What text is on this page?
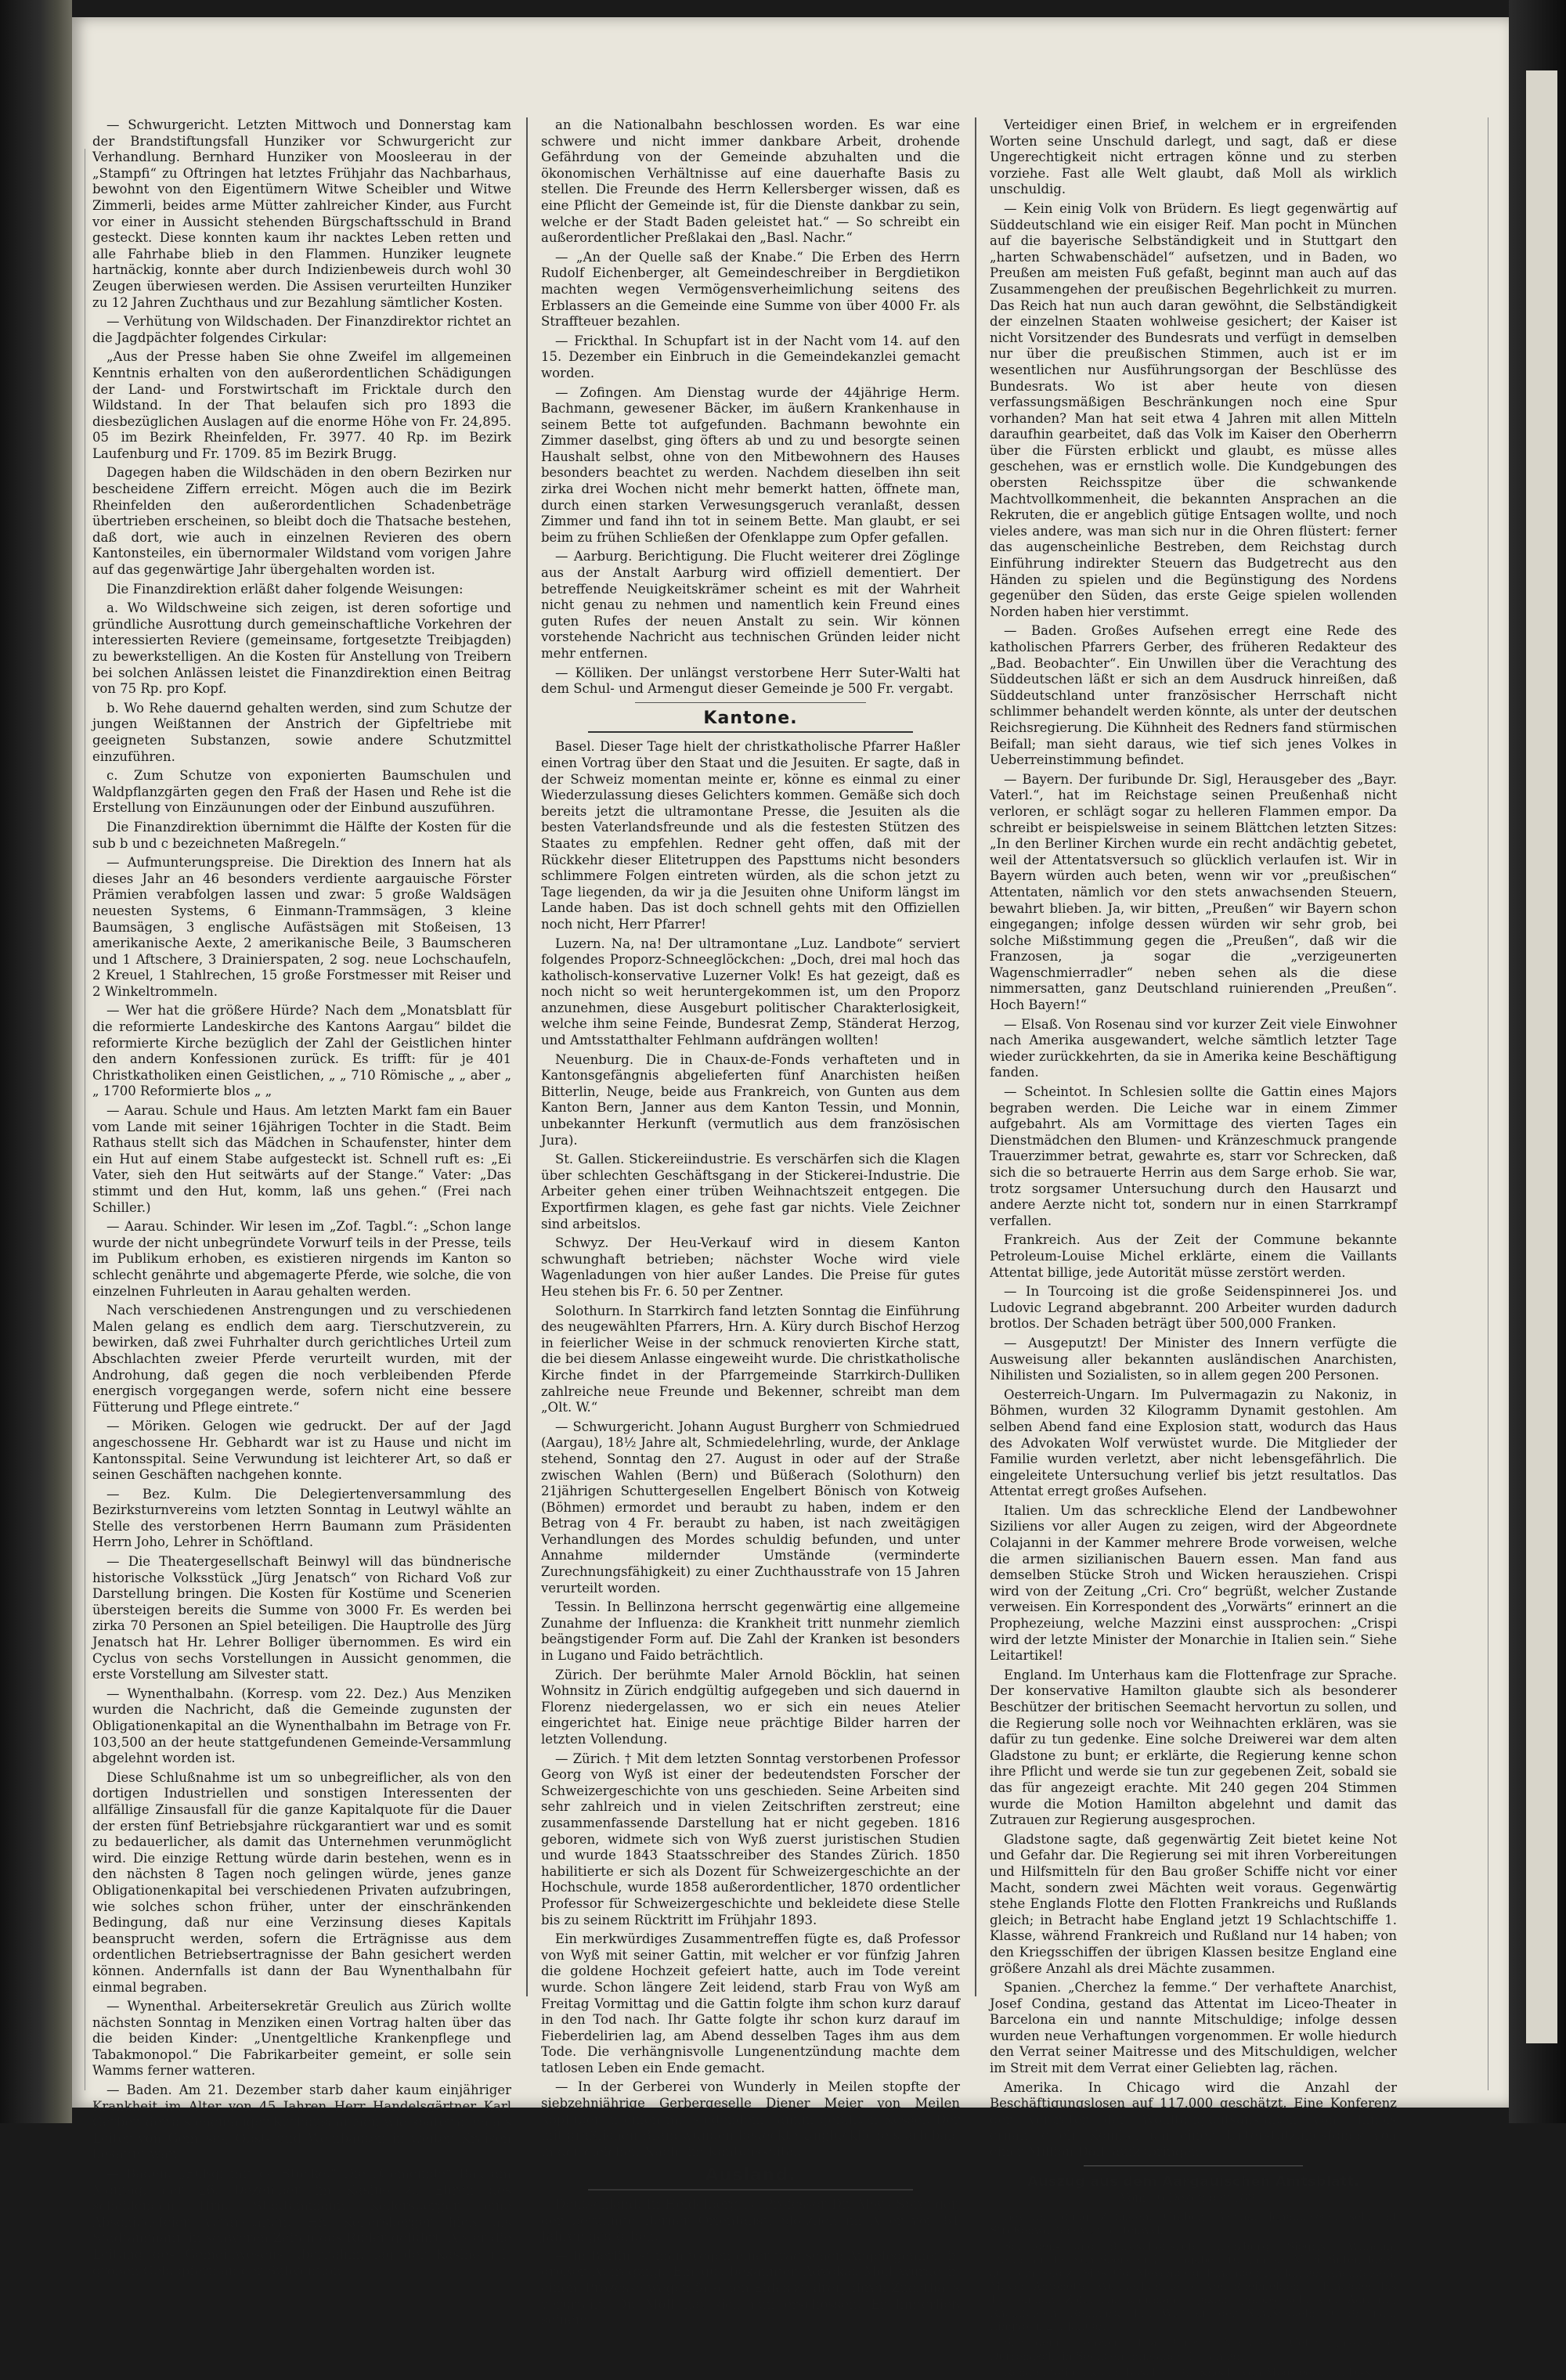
— Schwurgericht. Letzten Mittwoch und Donnerstag kam der Brandstiftungsfall Hunziker vor Schwurgericht zur Verhandlung. Bernhard Hunziker von Moosleerau in der „Stampfi“ zu Oftringen hat letztes Frühjahr das Nachbarhaus, bewohnt von den Eigentümern Witwe Scheibler und Witwe Zimmerli, beides arme Mütter zahlreicher Kinder, aus Furcht vor einer in Aussicht stehenden Bürgschaftsschuld in Brand gesteckt. Diese konnten kaum ihr nacktes Leben retten und alle Fahrhabe blieb in den Flammen. Hunziker leugnete hartnäckig, konnte aber durch Indizienbeweis durch wohl 30 Zeugen überwiesen werden. Die Assisen verurteilten Hunziker zu 12 Jahren Zuchthaus und zur Bezahlung sämtlicher Kosten.

— Verhütung von Wildschaden. Der Finanzdirektor richtet an die Jagdpächter folgendes Cirkular:

„Aus der Presse haben Sie ohne Zweifel im allgemeinen Kenntnis erhalten von den außerordentlichen Schädigungen der Land- und Forstwirtschaft im Fricktale durch den Wildstand. In der That belaufen sich pro 1893 die diesbezüglichen Auslagen auf die enorme Höhe von Fr. 24,895. 05 im Bezirk Rheinfelden, Fr. 3977. 40 Rp. im Bezirk Laufenburg und Fr. 1709. 85 im Bezirk Brugg.

Dagegen haben die Wildschäden in den obern Bezirken nur bescheidene Ziffern erreicht. Mögen auch die im Bezirk Rheinfelden den außerordentlichen Schadenbeträge übertrieben erscheinen, so bleibt doch die Thatsache bestehen, daß dort, wie auch in einzelnen Revieren des obern Kantonsteiles, ein übernormaler Wildstand vom vorigen Jahre auf das gegenwärtige Jahr übergehalten worden ist.

Die Finanzdirektion erläßt daher folgende Weisungen:

a. Wo Wildschweine sich zeigen, ist deren sofortige und gründliche Ausrottung durch gemeinschaftliche Vorkehren der interessierten Reviere (gemeinsame, fortgesetzte Treibjagden) zu bewerkstelligen. An die Kosten für Anstellung von Treibern bei solchen Anlässen leistet die Finanzdirektion einen Beitrag von 75 Rp. pro Kopf.

b. Wo Rehe dauernd gehalten werden, sind zum Schutze der jungen Weißtannen der Anstrich der Gipfeltriebe mit geeigneten Substanzen, sowie andere Schutzmittel einzuführen.

c. Zum Schutze von exponierten Baumschulen und Waldpflanzgärten gegen den Fraß der Hasen und Rehe ist die Erstellung von Einzäunungen oder der Einbund auszuführen.

Die Finanzdirektion übernimmt die Hälfte der Kosten für die sub b und c bezeichneten Maßregeln.“

— Aufmunterungspreise. Die Direktion des Innern hat als dieses Jahr an 46 besonders verdiente aargauische Förster Prämien verabfolgen lassen und zwar: 5 große Waldsägen neuesten Systems, 6 Einmann-Trammsägen, 3 kleine Baumsägen, 3 englische Aufästsägen mit Stoßeisen, 13 amerikanische Aexte, 2 amerikanische Beile, 3 Baumscheren und 1 Aftschere, 3 Drainierspaten, 2 sog. neue Lochschaufeln, 2 Kreuel, 1 Stahlrechen, 15 große Forstmesser mit Reiser und 2 Winkeltrommeln.

— Wer hat die größere Hürde? Nach dem „Monatsblatt für die reformierte Landeskirche des Kantons Aargau“ bildet die reformierte Kirche bezüglich der Zahl der Geistlichen hinter den andern Konfessionen zurück. Es trifft: für je 401 Christkatholiken einen Geistlichen, „ „ 710 Römische „ „ aber „ „ 1700 Reformierte blos „ „

— Aarau. Schule und Haus. Am letzten Markt fam ein Bauer vom Lande mit seiner 16jährigen Tochter in die Stadt. Beim Rathaus stellt sich das Mädchen in Schaufenster, hinter dem ein Hut auf einem Stabe aufgesteckt ist. Schnell ruft es: „Ei Vater, sieh den Hut seitwärts auf der Stange.“ Vater: „Das stimmt und den Hut, komm, laß uns gehen.“ (Frei nach Schiller.)

— Aarau. Schinder. Wir lesen im „Zof. Tagbl.“: „Schon lange wurde der nicht unbegründete Vorwurf teils in der Presse, teils im Publikum erhoben, es existieren nirgends im Kanton so schlecht genährte und abgemagerte Pferde, wie solche, die von einzelnen Fuhrleuten in Aarau gehalten werden.

Nach verschiedenen Anstrengungen und zu verschiedenen Malen gelang es endlich dem aarg. Tierschutzverein, zu bewirken, daß zwei Fuhrhalter durch gerichtliches Urteil zum Abschlachten zweier Pferde verurteilt wurden, mit der Androhung, daß gegen die noch verbleibenden Pferde energisch vorgegangen werde, sofern nicht eine bessere Fütterung und Pflege eintrete.“

— Möriken. Gelogen wie gedruckt. Der auf der Jagd angeschossene Hr. Gebhardt war ist zu Hause und nicht im Kantonsspital. Seine Verwundung ist leichterer Art, so daß er seinen Geschäften nachgehen konnte.

— Bez. Kulm. Die Delegiertenversammlung des Bezirksturnvereins vom letzten Sonntag in Leutwyl wählte an Stelle des verstorbenen Herrn Baumann zum Präsidenten Herrn Joho, Lehrer in Schöftland.

— Die Theatergesellschaft Beinwyl will das bündnerische historische Volksstück „Jürg Jenatsch“ von Richard Voß zur Darstellung bringen. Die Kosten für Kostüme und Scenerien übersteigen bereits die Summe von 3000 Fr. Es werden bei zirka 70 Personen an Spiel beteiligen. Die Hauptrolle des Jürg Jenatsch hat Hr. Lehrer Bolliger übernommen. Es wird ein Cyclus von sechs Vorstellungen in Aussicht genommen, die erste Vorstellung am Silvester statt.

— Wynenthalbahn. (Korresp. vom 22. Dez.) Aus Menziken wurden die Nachricht, daß die Gemeinde zugunsten der Obligationenkapital an die Wynenthalbahn im Betrage von Fr. 103,500 an der heute stattgefundenen Gemeinde-Versammlung abgelehnt worden ist.

Diese Schlußnahme ist um so unbegreiflicher, als von den dortigen Industriellen und sonstigen Interessenten der allfällige Zinsausfall für die ganze Kapitalquote für die Dauer der ersten fünf Betriebsjahre rückgarantiert war und es somit zu bedauerlicher, als damit das Unternehmen verunmöglicht wird. Die einzige Rettung würde darin bestehen, wenn es in den nächsten 8 Tagen noch gelingen würde, jenes ganze Obligationenkapital bei verschiedenen Privaten aufzubringen, wie solches schon früher, unter der einschränkenden Bedingung, daß nur eine Verzinsung dieses Kapitals beansprucht werden, sofern die Erträgnisse aus dem ordentlichen Betriebsertragnisse der Bahn gesichert werden können. Andernfalls ist dann der Bau Wynenthalbahn für einmal begraben.

— Wynenthal. Arbeitersekretär Greulich aus Zürich wollte nächsten Sonntag in Menziken einen Vortrag halten über das die beiden Kinder: „Unentgeltliche Krankenpflege und Tabakmonopol.“ Die Fabrikarbeiter gemeint, er solle sein Wamms ferner watteren.

— Baden. Am 21. Dezember starb daher kaum einjähriger Krankheit im Alter von 45 Jahren Herr Handelsgärtner Karl Gerber, der als ehemaliger Kurhausgärtner, wie später auch als Leiter von Gemüse-, Obst- und Weinbauten in weiten Kreisen bekannt war.

— Baden. „Füßgi mit de Stöcke.“ Die „Gemeinde“ Bau am Montag, der 26. Dezember im Kasino zu Ehren des scheidenden Hrn. Stadtammann Kellersberger eine Abschiedsfeier veranstalten. Hr. Kellersberger hieß als Stadtammann in schweren Zeiten das Ruder geführt. Als er die Leitung des Gemeinwesens übernahm, lag der Kasino mit großen Geldopfern an der Subvention

an die Nationalbahn beschlossen worden. Es war eine schwere und nicht immer dankbare Arbeit, drohende Gefährdung von der Gemeinde abzuhalten und die ökonomischen Verhältnisse auf eine dauerhafte Basis zu stellen. Die Freunde des Herrn Kellersberger wissen, daß es eine Pflicht der Gemeinde ist, für die Dienste dankbar zu sein, welche er der Stadt Baden geleistet hat.“ — So schreibt ein außerordentlicher Preßlakai den „Basl. Nachr.“

— „An der Quelle saß der Knabe.“ Die Erben des Herrn Rudolf Eichenberger, alt Gemeindeschreiber in Bergdietikon machten wegen Vermögensverheimlichung seitens des Erblassers an die Gemeinde eine Summe von über 4000 Fr. als Straffteuer bezahlen.

— Frickthal. In Schupfart ist in der Nacht vom 14. auf den 15. Dezember ein Einbruch in die Gemeindekanzlei gemacht worden.

— Zofingen. Am Dienstag wurde der 44jährige Herm. Bachmann, gewesener Bäcker, im äußern Krankenhause in seinem Bette tot aufgefunden. Bachmann bewohnte ein Zimmer daselbst, ging öfters ab und zu und besorgte seinen Haushalt selbst, ohne von den Mitbewohnern des Hauses besonders beachtet zu werden. Nachdem dieselben ihn seit zirka drei Wochen nicht mehr bemerkt hatten, öffnete man, durch einen starken Verwesungsgeruch veranlaßt, dessen Zimmer und fand ihn tot in seinem Bette. Man glaubt, er sei beim zu frühen Schließen der Ofenklappe zum Opfer gefallen.

— Aarburg. Berichtigung. Die Flucht weiterer drei Zöglinge aus der Anstalt Aarburg wird offiziell dementiert. Der betreffende Neuigkeitskrämer scheint es mit der Wahrheit nicht genau zu nehmen und namentlich kein Freund eines guten Rufes der neuen Anstalt zu sein. Wir können vorstehende Nachricht aus technischen Gründen leider nicht mehr entfernen.

— Kölliken. Der unlängst verstorbene Herr Suter-Walti hat dem Schul- und Armengut dieser Gemeinde je 500 Fr. vergabt.

Kantone.

Basel. Dieser Tage hielt der christkatholische Pfarrer Haßler einen Vortrag über den Staat und die Jesuiten. Er sagte, daß in der Schweiz momentan meinte er, könne es einmal zu einer Wiederzulassung dieses Gelichters kommen. Gemäße sich doch bereits jetzt die ultramontane Presse, die Jesuiten als die besten Vaterlandsfreunde und als die festesten Stützen des Staates zu empfehlen. Redner geht offen, daß mit der Rückkehr dieser Elitetruppen des Papsttums nicht besonders schlimmere Folgen eintreten würden, als die schon jetzt zu Tage liegenden, da wir ja die Jesuiten ohne Uniform längst im Lande haben. Das ist doch schnell gehts mit den Offiziellen noch nicht, Herr Pfarrer!

Luzern. Na, na! Der ultramontane „Luz. Landbote“ serviert folgendes Proporz-Schneeglöckchen: „Doch, drei mal hoch das katholisch-konservative Luzerner Volk! Es hat gezeigt, daß es noch nicht so weit heruntergekommen ist, um den Proporz anzunehmen, diese Ausgeburt politischer Charakterlosigkeit, welche ihm seine Feinde, Bundesrat Zemp, Ständerat Herzog, und Amtsstatthalter Fehlmann aufdrängen wollten!

Neuenburg. Die in Chaux-de-Fonds verhafteten und in Kantonsgefängnis abgelieferten fünf Anarchisten heißen Bitterlin, Neuge, beide aus Frankreich, von Gunten aus dem Kanton Bern, Janner aus dem Kanton Tessin, und Monnin, unbekannter Herkunft (vermutlich aus dem französischen Jura).

St. Gallen. Stickereiindustrie. Es verschärfen sich die Klagen über schlechten Geschäftsgang in der Stickerei-Industrie. Die Arbeiter gehen einer trüben Weihnachtszeit entgegen. Die Exportfirmen klagen, es gehe fast gar nichts. Viele Zeichner sind arbeitslos.

Schwyz. Der Heu-Verkauf wird in diesem Kanton schwunghaft betrieben; nächster Woche wird viele Wagenladungen von hier außer Landes. Die Preise für gutes Heu stehen bis Fr. 6. 50 per Zentner.

Solothurn. In Starrkirch fand letzten Sonntag die Einführung des neugewählten Pfarrers, Hrn. A. Küry durch Bischof Herzog in feierlicher Weise in der schmuck renovierten Kirche statt, die bei diesem Anlasse eingeweiht wurde. Die christkatholische Kirche findet in der Pfarrgemeinde Starrkirch-Dulliken zahlreiche neue Freunde und Bekenner, schreibt man dem „Olt. W.“

— Schwurgericht. Johann August Burgherr von Schmiedrued (Aargau), 18½ Jahre alt, Schmiedelehrling, wurde, der Anklage stehend, Sonntag den 27. August in oder auf der Straße zwischen Wahlen (Bern) und Büßerach (Solothurn) den 21jährigen Schuttergesellen Engelbert Bönisch von Kotweig (Böhmen) ermordet und beraubt zu haben, indem er den Betrag von 4 Fr. beraubt zu haben, ist nach zweitägigen Verhandlungen des Mordes schuldig befunden, und unter Annahme mildernder Umstände (verminderte Zurechnungsfähigkeit) zu einer Zuchthausstrafe von 15 Jahren verurteilt worden.

Tessin. In Bellinzona herrscht gegenwärtig eine allgemeine Zunahme der Influenza: die Krankheit tritt nunmehr ziemlich beängstigender Form auf. Die Zahl der Kranken ist besonders in Lugano und Faido beträchtlich.

Zürich. Der berühmte Maler Arnold Böcklin, hat seinen Wohnsitz in Zürich endgültig aufgegeben und sich dauernd in Florenz niedergelassen, wo er sich ein neues Atelier eingerichtet hat. Einige neue prächtige Bilder harren der letzten Vollendung.

— Zürich. † Mit dem letzten Sonntag verstorbenen Professor Georg von Wyß ist einer der bedeutendsten Forscher der Schweizergeschichte von uns geschieden. Seine Arbeiten sind sehr zahlreich und in vielen Zeitschriften zerstreut; eine zusammenfassende Darstellung hat er nicht gegeben. 1816 geboren, widmete sich von Wyß zuerst juristischen Studien und wurde 1843 Staatsschreiber des Standes Zürich. 1850 habilitierte er sich als Dozent für Schweizergeschichte an der Hochschule, wurde 1858 außerordentlicher, 1870 ordentlicher Professor für Schweizergeschichte und bekleidete diese Stelle bis zu seinem Rücktritt im Frühjahr 1893.

Ein merkwürdiges Zusammentreffen fügte es, daß Professor von Wyß mit seiner Gattin, mit welcher er vor fünfzig Jahren die goldene Hochzeit gefeiert hatte, auch im Tode vereint wurde. Schon längere Zeit leidend, starb Frau von Wyß am Freitag Vormittag und die Gattin folgte ihm schon kurz darauf in den Tod nach. Ihr Gatte folgte ihr schon kurz darauf im Fieberdelirien lag, am Abend desselben Tages ihm aus dem Tode. Die verhängnisvolle Lungenentzündung machte dem tatlosen Leben ein Ende gemacht.

— In der Gerberei von Wunderly in Meilen stopfte der siebzehnjährige Gerbergeselle Diener Meier von Meilen kopfüber in einen mit siedendem Tannin gefüllten Kessel. Der mit gräßlichen Brandwunden bedeckte Unglückliche starb bald in der gleichen Nacht im Kantonsspital.

Ausland.

Deutschland. In Heidelberg ist Professor Dr. Aloys Sprenger, der berühmte Berner Orientalist, plötzlich im Alter von 81 Jahren gestorben.

— In Berlin ist man wegen einer tragischen Angelegenheit in großer Aufregung. Ein gut bekannter Advokat Moll wurde in einem Prozesse wegen falschen Eides zu drei Jahren Zuchthaus verurteilt. Dr. Moll hat sich nun erschossen. Er hinterließ seinem

Verteidiger einen Brief, in welchem er in ergreifenden Worten seine Unschuld darlegt, und sagt, daß er diese Ungerechtigkeit nicht ertragen könne und zu sterben vorziehe. Fast alle Welt glaubt, daß Moll als wirklich unschuldig.

— Kein einig Volk von Brüdern. Es liegt gegenwärtig auf Süddeutschland wie ein eisiger Reif. Man pocht in München auf die bayerische Selbständigkeit und in Stuttgart den „harten Schwabenschädel“ aufsetzen, und in Baden, wo Preußen am meisten Fuß gefaßt, beginnt man auch auf das Zusammengehen der preußischen Begehrlichkeit zu murren. Das Reich hat nun auch daran gewöhnt, die Selbständigkeit der einzelnen Staaten wohlweise gesichert; der Kaiser ist nicht Vorsitzender des Bundesrats und verfügt in demselben nur über die preußischen Stimmen, auch ist er im wesentlichen nur Ausführungsorgan der Beschlüsse des Bundesrats. Wo ist aber heute von diesen verfassungsmäßigen Beschränkungen noch eine Spur vorhanden? Man hat seit etwa 4 Jahren mit allen Mitteln daraufhin gearbeitet, daß das Volk im Kaiser den Oberherrn über die Fürsten erblickt und glaubt, es müsse alles geschehen, was er ernstlich wolle. Die Kundgebungen des obersten Reichsspitze über die schwankende Machtvollkommenheit, die bekannten Ansprachen an die Rekruten, die er angeblich gütige Entsagen wollte, und noch vieles andere, was man sich nur in die Ohren flüstert: ferner das augenscheinliche Bestreben, dem Reichstag durch Einführung indirekter Steuern das Budgetrecht aus den Händen zu spielen und die Begünstigung des Nordens gegenüber den Süden, das erste Geige spielen wollenden Norden haben hier verstimmt.

— Baden. Großes Aufsehen erregt eine Rede des katholischen Pfarrers Gerber, des früheren Redakteur des „Bad. Beobachter“. Ein Unwillen über die Verachtung des Süddeutschen läßt er sich an dem Ausdruck hinreißen, daß Süddeutschland unter französischer Herrschaft nicht schlimmer behandelt werden könnte, als unter der deutschen Reichsregierung. Die Kühnheit des Redners fand stürmischen Beifall; man sieht daraus, wie tief sich jenes Volkes in Ueberreinstimmung befindet.

— Bayern. Der furibunde Dr. Sigl, Herausgeber des „Bayr. Vaterl.“, hat im Reichstage seinen Preußenhaß nicht verloren, er schlägt sogar zu helleren Flammen empor. Da schreibt er beispielsweise in seinem Blättchen letzten Sitzes: „In den Berliner Kirchen wurde ein recht andächtig gebetet, weil der Attentatsversuch so glücklich verlaufen ist. Wir in Bayern würden auch beten, wenn wir vor „preußischen“ Attentaten, nämlich vor den stets anwachsenden Steuern, bewahrt blieben. Ja, wir bitten, „Preußen“ wir Bayern schon eingegangen; infolge dessen würden wir sehr grob, bei solche Mißstimmung gegen die „Preußen“, daß wir die Franzosen, ja sogar die „verzigeunerten Wagenschmierradler“ neben sehen als die diese nimmersatten, ganz Deutschland ruinierenden „Preußen“. Hoch Bayern!“

— Elsaß. Von Rosenau sind vor kurzer Zeit viele Einwohner nach Amerika ausgewandert, welche sämtlich letzter Tage wieder zurückkehrten, da sie in Amerika keine Beschäftigung fanden.

— Scheintot. In Schlesien sollte die Gattin eines Majors begraben werden. Die Leiche war in einem Zimmer aufgebahrt. Als am Vormittage des vierten Tages ein Dienstmädchen den Blumen- und Kränzeschmuck prangende Trauerzimmer betrat, gewahrte es, starr vor Schrecken, daß sich die so betrauerte Herrin aus dem Sarge erhob. Sie war, trotz sorgsamer Untersuchung durch den Hausarzt und andere Aerzte nicht tot, sondern nur in einen Starrkrampf verfallen.

Frankreich. Aus der Zeit der Commune bekannte Petroleum-Louise Michel erklärte, einem die Vaillants Attentat billige, jede Autorität müsse zerstört werden.

— In Tourcoing ist die große Seidenspinnerei Jos. und Ludovic Legrand abgebrannt. 200 Arbeiter wurden dadurch brotlos. Der Schaden beträgt über 500,000 Franken.

— Ausgeputzt! Der Minister des Innern verfügte die Ausweisung aller bekannten ausländischen Anarchisten, Nihilisten und Sozialisten, so in allem gegen 200 Personen.

Oesterreich-Ungarn. Im Pulvermagazin zu Nakoniz, in Böhmen, wurden 32 Kilogramm Dynamit gestohlen. Am selben Abend fand eine Explosion statt, wodurch das Haus des Advokaten Wolf verwüstet wurde. Die Mitglieder der Familie wurden verletzt, aber nicht lebensgefährlich. Die eingeleitete Untersuchung verlief bis jetzt resultatlos. Das Attentat erregt großes Aufsehen.

Italien. Um das schreckliche Elend der Landbewohner Siziliens vor aller Augen zu zeigen, wird der Abgeordnete Colajanni in der Kammer mehrere Brode vorweisen, welche die armen sizilianischen Bauern essen. Man fand aus demselben Stücke Stroh und Wicken herausziehen. Crispi wird von der Zeitung „Cri. Cro“ begrüßt, welcher Zustande verweisen. Ein Korrespondent des „Vorwärts“ erinnert an die Prophezeiung, welche Mazzini einst aussprochen: „Crispi wird der letzte Minister der Monarchie in Italien sein.“ Siehe Leitartikel!

England. Im Unterhaus kam die Flottenfrage zur Sprache. Der konservative Hamilton glaubte sich als besonderer Beschützer der britischen Seemacht hervortun zu sollen, und die Regierung solle noch vor Weihnachten erklären, was sie dafür zu tun gedenke. Eine solche Dreiwerei war dem alten Gladstone zu bunt; er erklärte, die Regierung kenne schon ihre Pflicht und werde sie tun zur gegebenen Zeit, sobald sie das für angezeigt erachte. Mit 240 gegen 204 Stimmen wurde die Motion Hamilton abgelehnt und damit das Zutrauen zur Regierung ausgesprochen.

Gladstone sagte, daß gegenwärtig Zeit bietet keine Not und Gefahr dar. Die Regierung sei mit ihren Vorbereitungen und Hilfsmitteln für den Bau großer Schiffe nicht vor einer Macht, sondern zwei Mächten weit voraus. Gegenwärtig stehe Englands Flotte den Flotten Frankreichs und Rußlands gleich; in Betracht habe England jetzt 19 Schlachtschiffe 1. Klasse, während Frankreich und Rußland nur 14 haben; von den Kriegsschiffen der übrigen Klassen besitze England eine größere Anzahl als drei Mächte zusammen.

Spanien. „Cherchez la femme.“ Der verhaftete Anarchist, Josef Condina, gestand das Attentat im Liceo-Theater in Barcelona ein und nannte Mitschuldige; infolge dessen wurden neue Verhaftungen vorgenommen. Er wolle hiedurch den Verrat seiner Maitresse und des Mitschuldigen, welcher im Streit mit dem Verrat einer Geliebten lag, rächen.

Amerika. In Chicago wird die Anzahl der Beschäftigungslosen auf 117,000 geschätzt. Eine Konferenz der Vertreter der Wohltätigkeitsanstalten von Illinois ernannte ein Komite, um einen Unterstützungsfonds von einer Million Doll. aufzubringen.

Auszug aus dem Aargauischen Amtsblatt.
Vom 16 Dezember 1893.

Bevormundung Zofingen. Graber, Bertha, Johannessen sel., alt Straßenwärters von Bottenwyl.

Schulden- und Bürgschaftsrüfe. Lenzburg. Siegrist, Wilhelm, Pferdehändler von Seengen †. Eingaben 16. Januar. Muri. Suter, Josef, auf dem Feld zu Sins, Gd. Meyenberg. Eingaben 17. Januar. Rheinfelden. Meyer, Antonette, Wunderlich, ledig, von Rheinfelden †. Eingaben bis 15. Januar. Zofingen. Kaufmann, Jakob, Jakobs sel., von Aarburg, Rheinfelden, Reinhard, Fr., Wirt an der Straßhaueln zu Brittnau. Eingaben 27. Januar.

Schuldenruf Lenzburg. Frau Bertschi, Maria geb. Gehrig, Jakobs von Dürrenäsch, in Seengen, Eingaben 16 Januar.

Rehabilitation. Kulm. Büscher, Gl., Knecht von Moosleerau in D.-Kulm.
